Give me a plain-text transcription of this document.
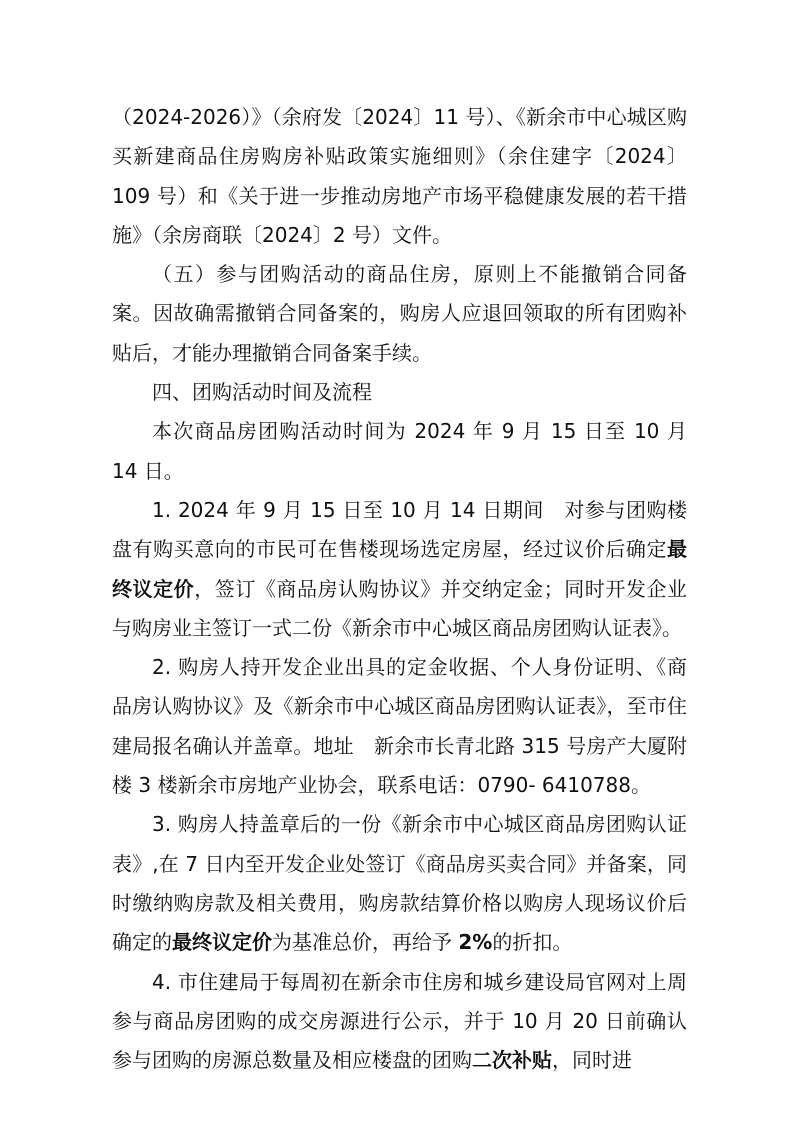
（2024-2026）》（余府发〔2024〕11 号）、《新余市中心城区购买新建商品住房购房补贴政策实施细则》（余住建字〔2024〕109 号）和《关于进一步推动房地产市场平稳健康发展的若干措施》（余房商联〔2024〕2 号）文件。

（五）参与团购活动的商品住房，原则上不能撤销合同备案。因故确需撤销合同备案的，购房人应退回领取的所有团购补贴后，才能办理撤销合同备案手续。

四、团购活动时间及流程

本次商品房团购活动时间为 2024 年 9 月 15 日至 10 月 14 日。

1. 2024 年 9 月 15 日至 10 月 14 日期间　对参与团购楼盘有购买意向的市民可在售楼现场选定房屋，经过议价后确定最终议定价，签订《商品房认购协议》并交纳定金；同时开发企业与购房业主签订一式二份《新余市中心城区商品房团购认证表》。

2. 购房人持开发企业出具的定金收据、个人身份证明、《商品房认购协议》及《新余市中心城区商品房团购认证表》，至市住建局报名确认并盖章。地址　新余市长青北路 315 号房产大厦附楼 3 楼新余市房地产业协会，联系电话：0790- 6410788。

3. 购房人持盖章后的一份《新余市中心城区商品房团购认证表》,在 7 日内至开发企业处签订《商品房买卖合同》并备案，同时缴纳购房款及相关费用，购房款结算价格以购房人现场议价后确定的最终议定价为基准总价，再给予 2%的折扣。

4. 市住建局于每周初在新余市住房和城乡建设局官网对上周参与商品房团购的成交房源进行公示，并于 10 月 20 日前确认参与团购的房源总数量及相应楼盘的团购二次补贴，同时进
